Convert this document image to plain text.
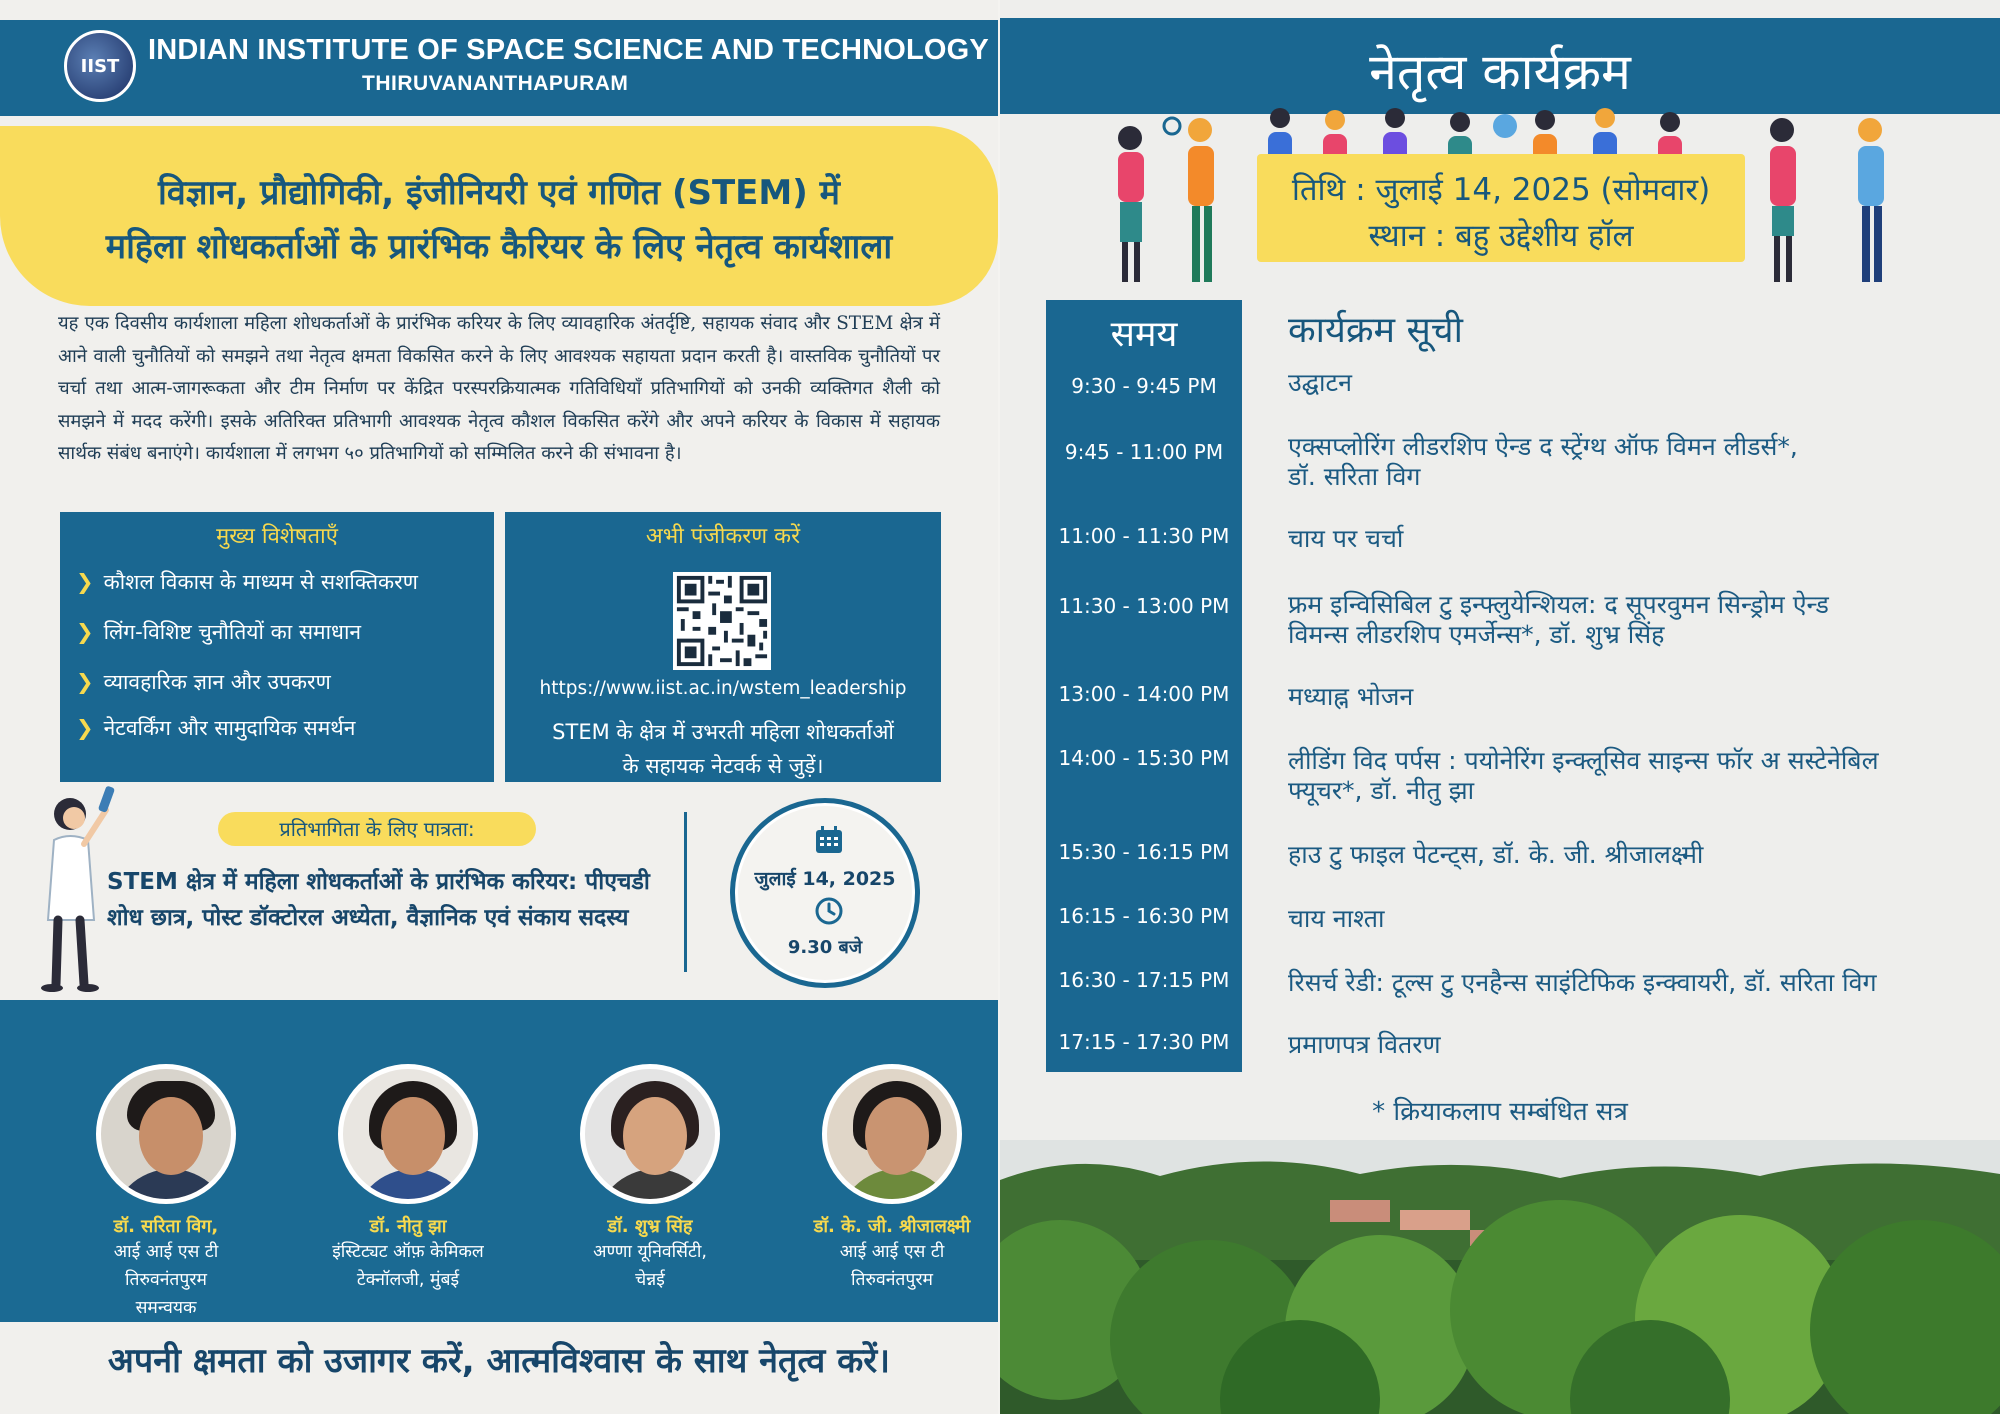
IIST INDIAN INSTITUTE OF SPACE SCIENCE AND TECHNOLOGY
THIRUVANANTHAPURAM
विज्ञान, प्रौद्योगिकी, इंजीनियरी एवं गणित (STEM) में
महिला शोधकर्ताओं के प्रारंभिक कैरियर के लिए नेतृत्व कार्यशाला
यह एक दिवसीय कार्यशाला महिला शोधकर्ताओं के प्रारंभिक करियर के लिए व्यावहारिक अंतर्दृष्टि, सहायक संवाद और STEM क्षेत्र में आने वाली चुनौतियों को समझने तथा नेतृत्व क्षमता विकसित करने के लिए आवश्यक सहायता प्रदान करती है। वास्तविक चुनौतियों पर चर्चा तथा आत्म-जागरूकता और टीम निर्माण पर केंद्रित परस्परक्रियात्मक गतिविधियाँ प्रतिभागियों को उनकी व्यक्तिगत शैली को समझने में मदद करेंगी। इसके अतिरिक्त प्रतिभागी आवश्यक नेतृत्व कौशल विकसित करेंगे और अपने करियर के विकास में सहायक सार्थक संबंध बनाएंगे। कार्यशाला में लगभग ५० प्रतिभागियों को सम्मिलित करने की संभावना है।
मुख्य विशेषताएँ
❯ कौशल विकास के माध्यम से सशक्तिकरण
❯ लिंग-विशिष्ट चुनौतियों का समाधान
❯ व्यावहारिक ज्ञान और उपकरण
❯ नेटवर्किंग और सामुदायिक समर्थन
अभी पंजीकरण करें
https://www.iist.ac.in/wstem_leadership
STEM के क्षेत्र में उभरती महिला शोधकर्ताओं
के सहायक नेटवर्क से जुड़ें।
प्रतिभागिता के लिए पात्रता:
STEM क्षेत्र में महिला शोधकर्ताओं के प्रारंभिक करियर: पीएचडी शोध छात्र, पोस्ट डॉक्टोरल अध्येता, वैज्ञानिक एवं संकाय सदस्य
जुलाई 14, 2025
9.30 बजे
डॉ. सरिता विग,
आई आई एस टी
तिरुवनंतपुरम
समन्वयक
डॉ. नीतु झा
इंस्टिट्यट ऑफ़ केमिकल
टेक्नॉलजी, मुंबई
डॉ. शुभ्र सिंह
अण्णा यूनिवर्सिटी,
चेन्नई
डॉ. के. जी. श्रीजालक्ष्मी
आई आई एस टी
तिरुवनंतपुरम
अपनी क्षमता को उजागर करें, आत्मविश्वास के साथ नेतृत्व करें।
नेतृत्व कार्यक्रम
तिथि : जुलाई 14, 2025 (सोमवार)
स्थान : बहु उद्देशीय हॉल
समय
9:30 - 9:45 PM
9:45 - 11:00 PM
11:00 - 11:30 PM
11:30 - 13:00 PM
13:00 - 14:00 PM
14:00 - 15:30 PM
15:30 - 16:15 PM
16:15 - 16:30 PM
16:30 - 17:15 PM
17:15 - 17:30 PM
कार्यक्रम सूची
उद्घाटन
एक्सप्लोरिंग लीडरशिप ऐन्ड द स्ट्रेंग्थ ऑफ विमन लीडर्स*,
डॉ. सरिता विग
चाय पर चर्चा
फ्रम इन्विसिबिल टु इन्फ्लुयेन्शियल: द सूपरवुमन सिन्ड्रोम ऐन्ड
विमन्स लीडरशिप एमर्जेन्स*, डॉ. शुभ्र सिंह
मध्याह्न भोजन
लीडिंग विद पर्पस : पयोनेरिंग इन्क्लूसिव साइन्स फॉर अ सस्टेनेबिल
फ्यूचर*, डॉ. नीतु झा
हाउ टु फाइल पेटन्ट्स, डॉ. के. जी. श्रीजालक्ष्मी
चाय नाश्ता
रिसर्च रेडी: टूल्स टु एनहैन्स साइंटिफिक इन्क्वायरी, डॉ. सरिता विग
प्रमाणपत्र वितरण
* क्रियाकलाप सम्बंधित सत्र
